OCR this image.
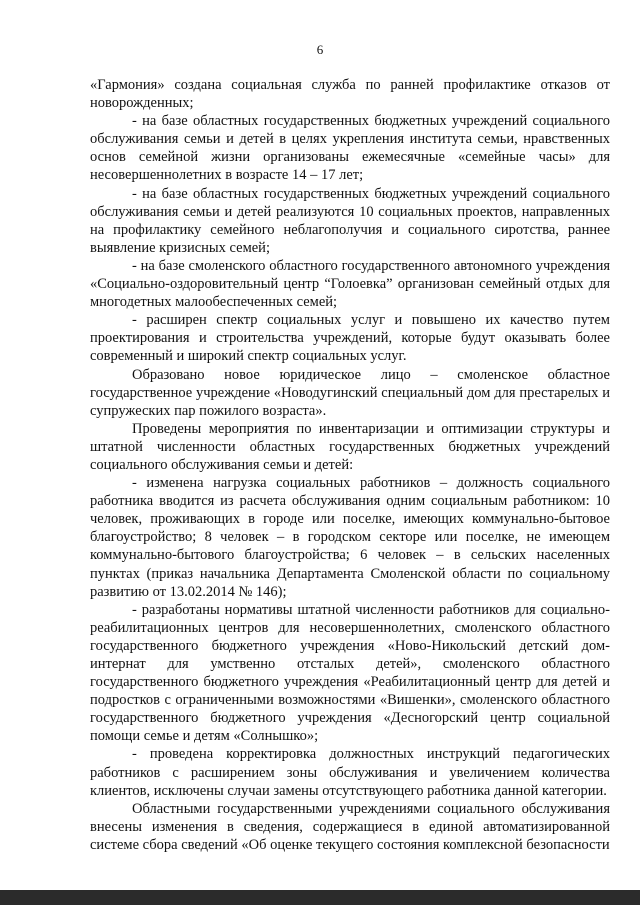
6

«Гармония» создана социальная служба по ранней профилактике отказов от новорожденных;

- на базе областных государственных бюджетных учреждений социального обслуживания семьи и детей в целях укрепления института семьи, нравственных основ семейной жизни организованы ежемесячные «семейные часы» для несовершеннолетних в возрасте 14 – 17 лет;

- на базе областных государственных бюджетных учреждений социального обслуживания семьи и детей реализуются 10 социальных проектов, направленных на профилактику семейного неблагополучия и социального сиротства, раннее выявление кризисных семей;

- на базе смоленского областного государственного автономного учреждения «Социально-оздоровительный центр “Голоевка” организован семейный отдых для многодетных малообеспеченных семей;

- расширен спектр социальных услуг и повышено их качество путем проектирования и строительства учреждений, которые будут оказывать более современный и широкий спектр социальных услуг.

Образовано новое юридическое лицо – смоленское областное государственное учреждение «Новодугинский специальный дом для престарелых и супружеских пар пожилого возраста».

Проведены мероприятия по инвентаризации и оптимизации структуры и штатной численности областных государственных бюджетных учреждений социального обслуживания семьи и детей:

- изменена нагрузка социальных работников – должность социального работника вводится из расчета обслуживания одним социальным работником: 10 человек, проживающих в городе или поселке, имеющих коммунально-бытовое благоустройство; 8 человек – в городском секторе или поселке, не имеющем коммунально-бытового благоустройства; 6 человек – в сельских населенных пунктах (приказ начальника Департамента Смоленской области по социальному развитию от 13.02.2014 № 146);

- разработаны нормативы штатной численности работников для социально-реабилитационных центров для несовершеннолетних, смоленского областного государственного бюджетного учреждения «Ново-Никольский детский дом-интернат для умственно отсталых детей», смоленского областного государственного бюджетного учреждения «Реабилитационный центр для детей и подростков с ограниченными возможностями «Вишенки», смоленского областного государственного бюджетного учреждения «Десногорский центр социальной помощи семье и детям «Солнышко»;

- проведена корректировка должностных инструкций педагогических работников с расширением зоны обслуживания и увеличением количества клиентов, исключены случаи замены отсутствующего работника данной категории.

Областными государственными учреждениями социального обслуживания внесены изменения в сведения, содержащиеся в единой автоматизированной системе сбора сведений «Об оценке текущего состояния комплексной безопасности
